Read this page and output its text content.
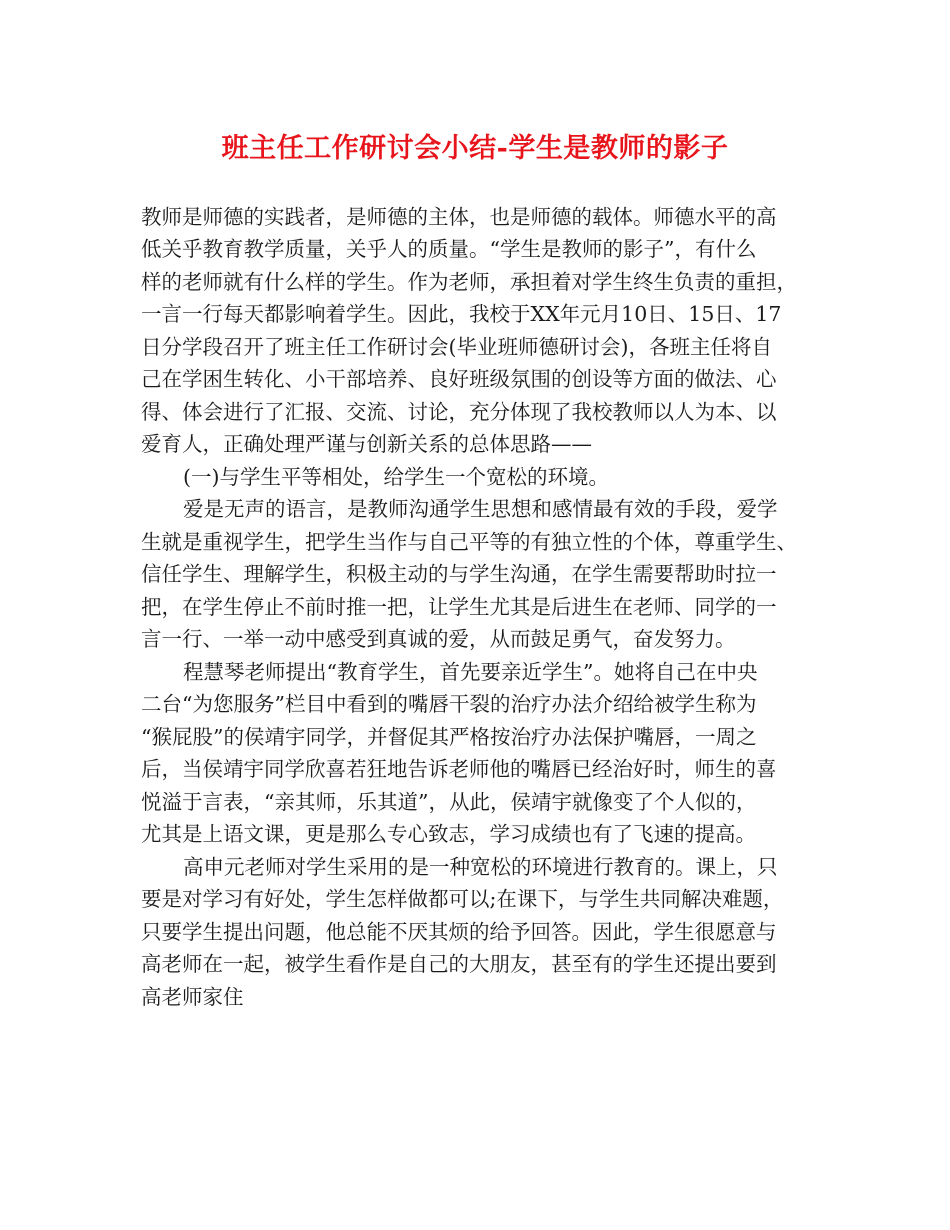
班主任工作研讨会小结-学生是教师的影子
教师是师德的实践者，是师德的主体，也是师德的载体。师德水平的高
低关乎教育教学质量，关乎人的质量。“学生是教师的影子”，有什么
样的老师就有什么样的学生。作为老师，承担着对学生终生负责的重担，
一言一行每天都影响着学生。因此，我校于XX年元月10日、15日、17
日分学段召开了班主任工作研讨会(毕业班师德研讨会)，各班主任将自
己在学困生转化、小干部培养、良好班级氛围的创设等方面的做法、心
得、体会进行了汇报、交流、讨论，充分体现了我校教师以人为本、以
爱育人，正确处理严谨与创新关系的总体思路——
(一)与学生平等相处，给学生一个宽松的环境。
爱是无声的语言，是教师沟通学生思想和感情最有效的手段，爱学
生就是重视学生，把学生当作与自己平等的有独立性的个体，尊重学生、
信任学生、理解学生，积极主动的与学生沟通，在学生需要帮助时拉一
把，在学生停止不前时推一把，让学生尤其是后进生在老师、同学的一
言一行、一举一动中感受到真诚的爱，从而鼓足勇气，奋发努力。
程慧琴老师提出“教育学生，首先要亲近学生”。她将自己在中央
二台“为您服务”栏目中看到的嘴唇干裂的治疗办法介绍给被学生称为
“猴屁股”的侯靖宇同学，并督促其严格按治疗办法保护嘴唇，一周之
后，当侯靖宇同学欣喜若狂地告诉老师他的嘴唇已经治好时，师生的喜
悦溢于言表，“亲其师，乐其道”，从此，侯靖宇就像变了个人似的，
尤其是上语文课，更是那么专心致志，学习成绩也有了飞速的提高。
高申元老师对学生采用的是一种宽松的环境进行教育的。课上，只
要是对学习有好处，学生怎样做都可以;在课下，与学生共同解决难题，
只要学生提出问题，他总能不厌其烦的给予回答。因此，学生很愿意与
高老师在一起，被学生看作是自己的大朋友，甚至有的学生还提出要到
高老师家住
